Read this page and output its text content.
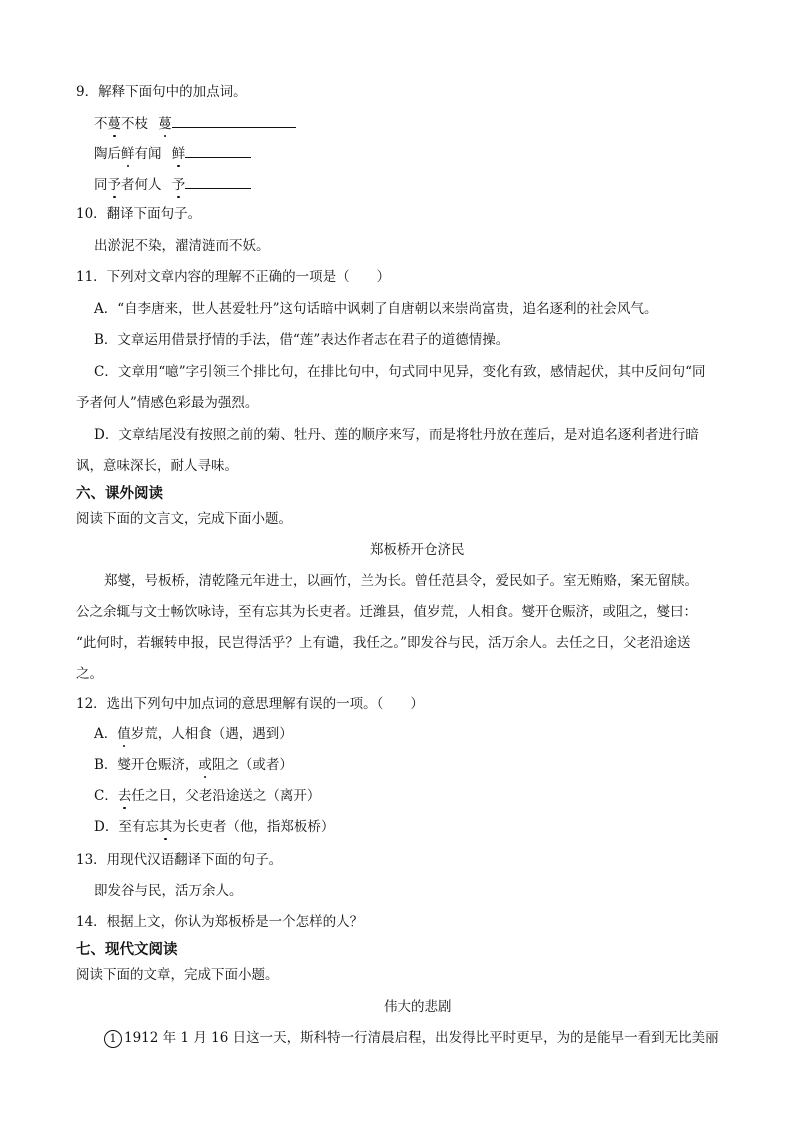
9．解释下面句中的加点词。
不蔓不枝 蔓
陶后鲜有闻 鲜
同予者何人 予
10．翻译下面句子。
出淤泥不染，濯清涟而不妖。
11．下列对文章内容的理解不正确的一项是（　　）
A．“自李唐来，世人甚爱牡丹”这句话暗中讽刺了自唐朝以来崇尚富贵，追名逐利的社会风气。
B．文章运用借景抒情的手法，借“莲”表达作者志在君子的道德情操。
C．文章用“噫”字引领三个排比句，在排比句中，句式同中见异，变化有致，感情起伏，其中反问句“同
予者何人”情感色彩最为强烈。
D．文章结尾没有按照之前的菊、牡丹、莲的顺序来写，而是将牡丹放在莲后，是对追名逐利者进行暗
讽，意味深长，耐人寻味。
六、课外阅读
阅读下面的文言文，完成下面小题。
郑板桥开仓济民
郑燮，号板桥，清乾隆元年进士，以画竹，兰为长。曾任范县令，爱民如子。室无贿赂，案无留牍。
公之余辄与文士畅饮咏诗，至有忘其为长吏者。迁潍县，值岁荒，人相食。燮开仓赈济，或阻之，燮曰：
“此何时，若辗转申报，民岂得活乎？上有谴，我任之。”即发谷与民，活万余人。去任之日，父老沿途送
之。
12．选出下列句中加点词的意思理解有误的一项。（　　）
A．值岁荒，人相食（遇，遇到）
B．燮开仓赈济，或阻之（或者）
C．去任之日，父老沿途送之（离开）
D．至有忘其为长吏者（他，指郑板桥）
13．用现代汉语翻译下面的句子。
即发谷与民，活万余人。
14．根据上文，你认为郑板桥是一个怎样的人？
七、现代文阅读
阅读下面的文章，完成下面小题。
伟大的悲剧
1 1912 年 1 月 16 日这一天，斯科特一行清晨启程，出发得比平时更早，为的是能早一看到无比美丽
